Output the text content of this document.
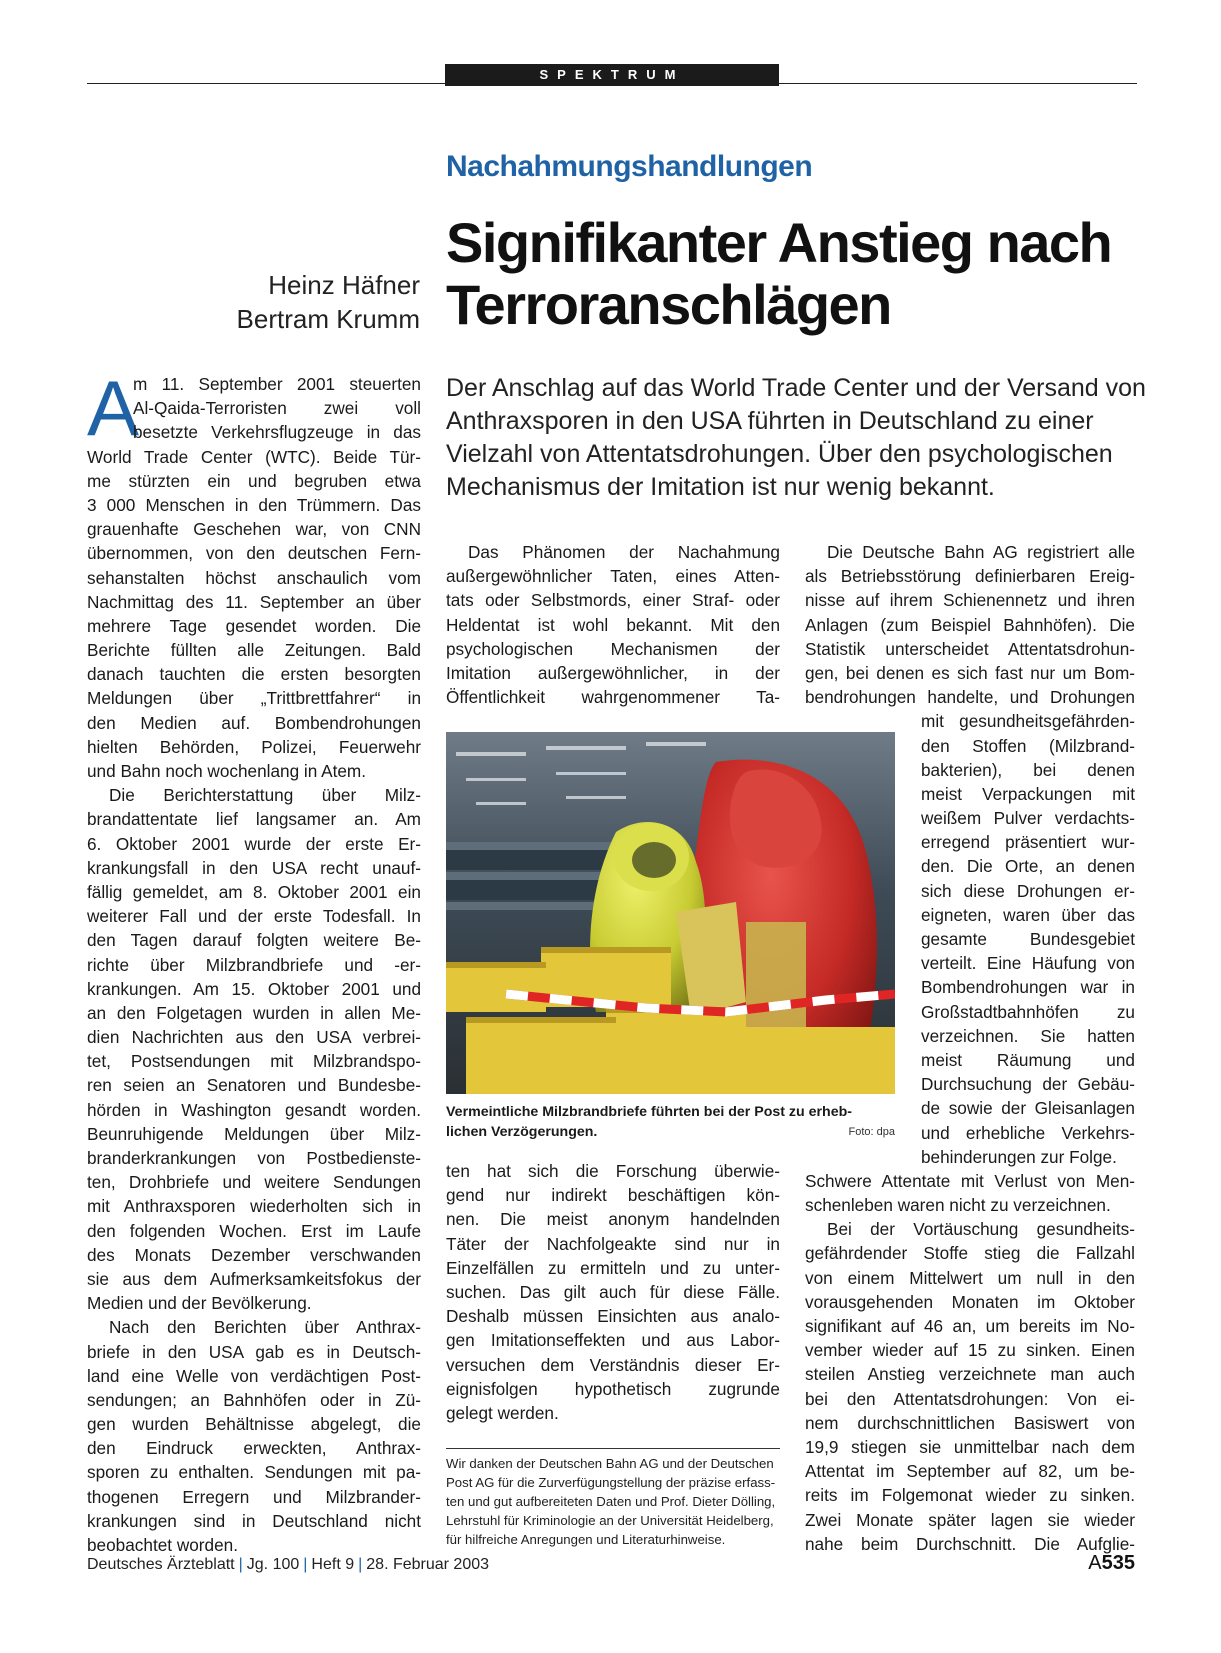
SPEKTRUM
Nachahmungshandlungen
Signifikanter Anstieg nach
Terroranschlägen
Heinz Häfner
Bertram Krumm
Der Anschlag auf das World Trade Center und der Versand von
Anthraxsporen in den USA führten in Deutschland zu einer
Vielzahl von Attentatsdrohungen. Über den psychologischen
Mechanismus der Imitation ist nur wenig bekannt.
A
m 11. September 2001 steuerten
Al-Qaida-Terroristen zwei voll
besetzte Verkehrsflugzeuge in das
World Trade Center (WTC). Beide Tür-
me stürzten ein und begruben etwa
3 000 Menschen in den Trümmern. Das
grauenhafte Geschehen war, von CNN
übernommen, von den deutschen Fern-
sehanstalten höchst anschaulich vom
Nachmittag des 11. September an über
mehrere Tage gesendet worden. Die
Berichte füllten alle Zeitungen. Bald
danach tauchten die ersten besorgten
Meldungen über „Trittbrettfahrer“ in
den Medien auf. Bombendrohungen
hielten Behörden, Polizei, Feuerwehr
und Bahn noch wochenlang in Atem.
Die Berichterstattung über Milz-
brandattentate lief langsamer an. Am
6. Oktober 2001 wurde der erste Er-
krankungsfall in den USA recht unauf-
fällig gemeldet, am 8. Oktober 2001 ein
weiterer Fall und der erste Todesfall. In
den Tagen darauf folgten weitere Be-
richte über Milzbrandbriefe und -er-
krankungen. Am 15. Oktober 2001 und
an den Folgetagen wurden in allen Me-
dien Nachrichten aus den USA verbrei-
tet, Postsendungen mit Milzbrandspo-
ren seien an Senatoren und Bundesbe-
hörden in Washington gesandt worden.
Beunruhigende Meldungen über Milz-
branderkrankungen von Postbedienste-
ten, Drohbriefe und weitere Sendungen
mit Anthraxsporen wiederholten sich in
den folgenden Wochen. Erst im Laufe
des Monats Dezember verschwanden
sie aus dem Aufmerksamkeitsfokus der
Medien und der Bevölkerung.
Nach den Berichten über Anthrax-
briefe in den USA gab es in Deutsch-
land eine Welle von verdächtigen Post-
sendungen; an Bahnhöfen oder in Zü-
gen wurden Behältnisse abgelegt, die
den Eindruck erweckten, Anthrax-
sporen zu enthalten. Sendungen mit pa-
thogenen Erregern und Milzbrander-
krankungen sind in Deutschland nicht
beobachtet worden.
Das Phänomen der Nachahmung
außergewöhnlicher Taten, eines Atten-
tats oder Selbstmords, einer Straf- oder
Heldentat ist wohl bekannt. Mit den
psychologischen Mechanismen der
Imitation außergewöhnlicher, in der
Öffentlichkeit wahrgenommener Ta-
Vermeintliche Milzbrandbriefe führten bei der Post zu erheb-
lichen Verzögerungen.	Foto: dpa
ten hat sich die Forschung überwie-
gend nur indirekt beschäftigen kön-
nen. Die meist anonym handelnden
Täter der Nachfolgeakte sind nur in
Einzelfällen zu ermitteln und zu unter-
suchen. Das gilt auch für diese Fälle.
Deshalb müssen Einsichten aus analo-
gen Imitationseffekten und aus Labor-
versuchen dem Verständnis dieser Er-
eignisfolgen hypothetisch zugrunde
gelegt werden.
Wir danken der Deutschen Bahn AG und der Deutschen
Post AG für die Zurverfügungstellung der präzise erfass-
ten und gut aufbereiteten Daten und Prof. Dieter Dölling,
Lehrstuhl für Kriminologie an der Universität Heidelberg,
für hilfreiche Anregungen und Literaturhinweise.
Die Deutsche Bahn AG registriert alle
als Betriebsstörung definierbaren Ereig-
nisse auf ihrem Schienennetz und ihren
Anlagen (zum Beispiel Bahnhöfen). Die
Statistik unterscheidet Attentatsdrohun-
gen, bei denen es sich fast nur um Bom-
bendrohungen handelte, und Drohungen
mit gesundheitsgefährden-
den Stoffen (Milzbrand-
bakterien), bei denen
meist Verpackungen mit
weißem Pulver verdachts-
erregend präsentiert wur-
den. Die Orte, an denen
sich diese Drohungen er-
eigneten, waren über das
gesamte Bundesgebiet
verteilt. Eine Häufung von
Bombendrohungen war in
Großstadtbahnhöfen zu
verzeichnen. Sie hatten
meist Räumung und
Durchsuchung der Gebäu-
de sowie der Gleisanlagen
und erhebliche Verkehrs-
behinderungen zur Folge.
Schwere Attentate mit Verlust von Men-
schenleben waren nicht zu verzeichnen.
Bei der Vortäuschung gesundheits-
gefährdender Stoffe stieg die Fallzahl
von einem Mittelwert um null in den
vorausgehenden Monaten im Oktober
signifikant auf 46 an, um bereits im No-
vember wieder auf 15 zu sinken. Einen
steilen Anstieg verzeichnete man auch
bei den Attentatsdrohungen: Von ei-
nem durchschnittlichen Basiswert von
19,9 stiegen sie unmittelbar nach dem
Attentat im September auf 82, um be-
reits im Folgemonat wieder zu sinken.
Zwei Monate später lagen sie wieder
nahe beim Durchschnitt. Die Aufglie-
Deutsches Ärzteblatt | Jg. 100 | Heft 9 | 28. Februar 2003	A535
